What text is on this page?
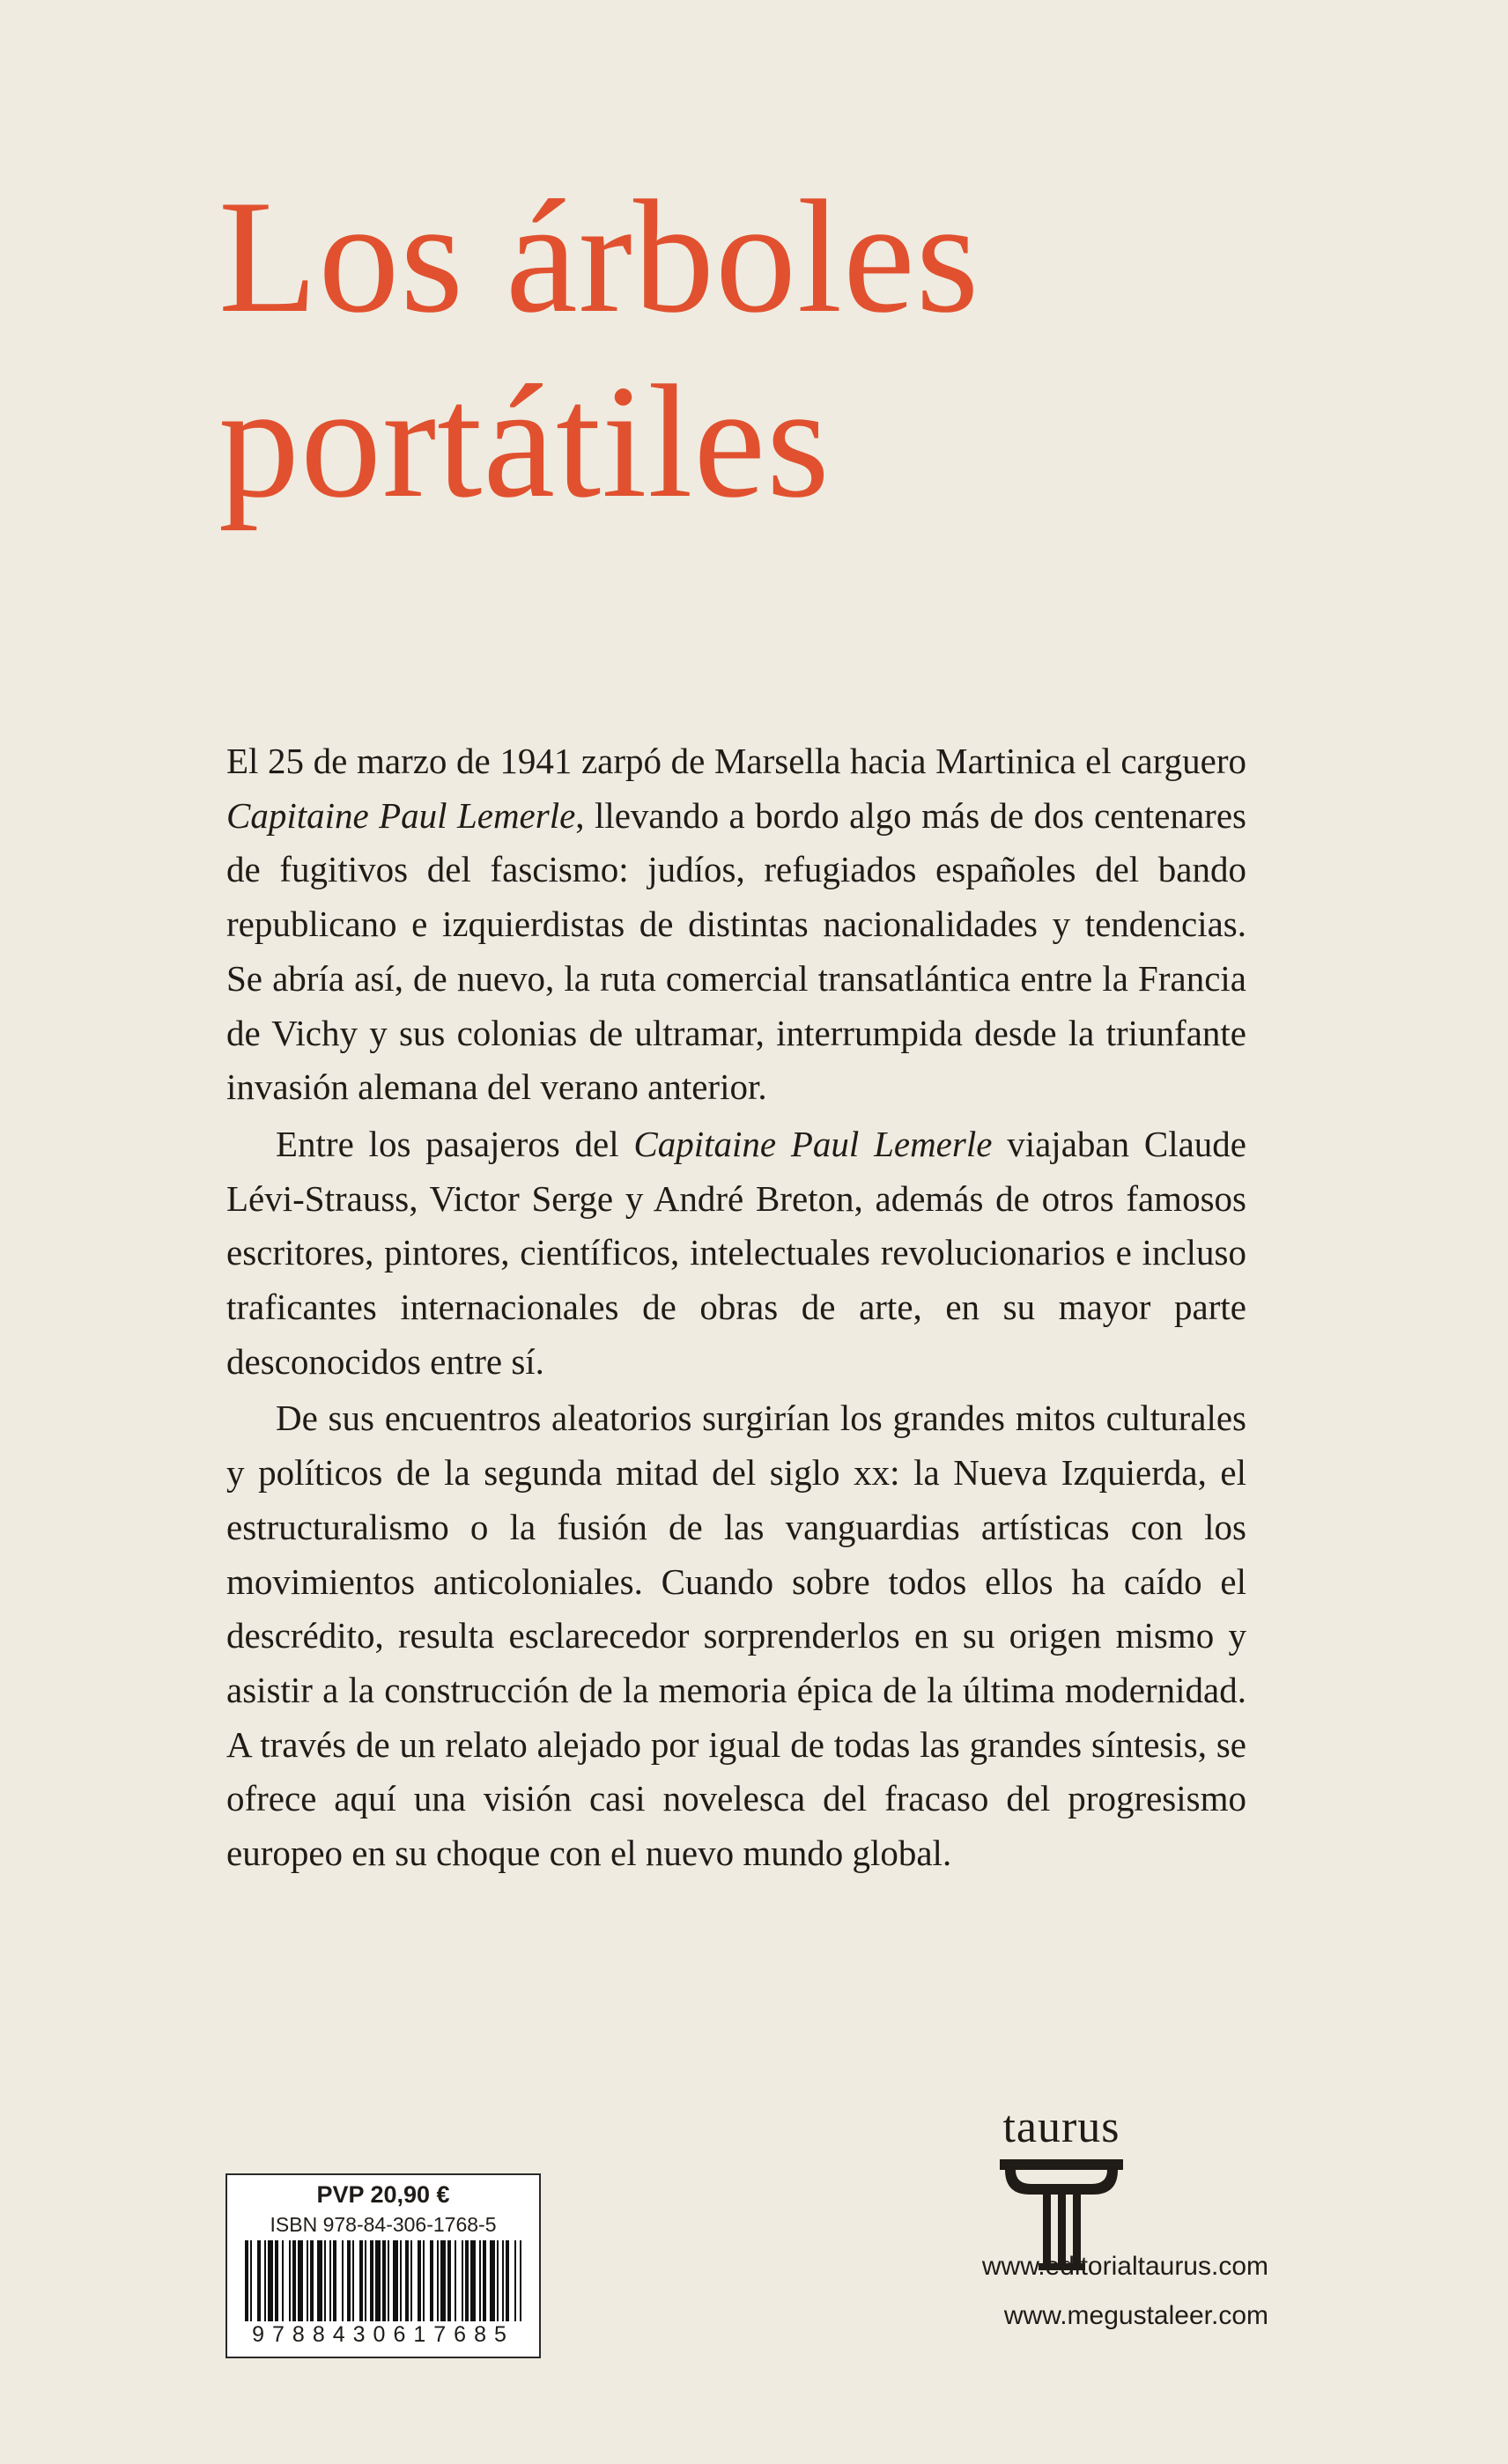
Los árboles
portátiles

El 25 de marzo de 1941 zarpó de Marsella hacia Martinica el carguero Capitaine Paul Lemerle, llevando a bordo algo más de dos centenares de fugitivos del fascismo: judíos, refugiados españoles del bando republicano e izquierdistas de distintas nacionalidades y tendencias. Se abría así, de nuevo, la ruta comercial transatlántica entre la Francia de Vichy y sus colonias de ultramar, interrumpida desde la triunfante invasión alemana del verano anterior.

Entre los pasajeros del Capitaine Paul Lemerle viajaban Claude Lévi-Strauss, Victor Serge y André Breton, además de otros famosos escritores, pintores, científicos, intelectuales revolucionarios e incluso traficantes internacionales de obras de arte, en su mayor parte desconocidos entre sí.

De sus encuentros aleatorios surgirían los grandes mitos culturales y políticos de la segunda mitad del siglo xx: la Nueva Izquierda, el estructuralismo o la fusión de las vanguardias artísticas con los movimientos anticoloniales. Cuando sobre todos ellos ha caído el descrédito, resulta esclarecedor sorprenderlos en su origen mismo y asistir a la construcción de la memoria épica de la última modernidad. A través de un relato alejado por igual de todas las grandes síntesis, se ofrece aquí una visión casi novelesca del fracaso del progresismo europeo en su choque con el nuevo mundo global.

taurus
PVP 20,90 €
ISBN 978-84-306-1768-5
9788430617685
www.editorialtaurus.com
www.megustaleer.com
